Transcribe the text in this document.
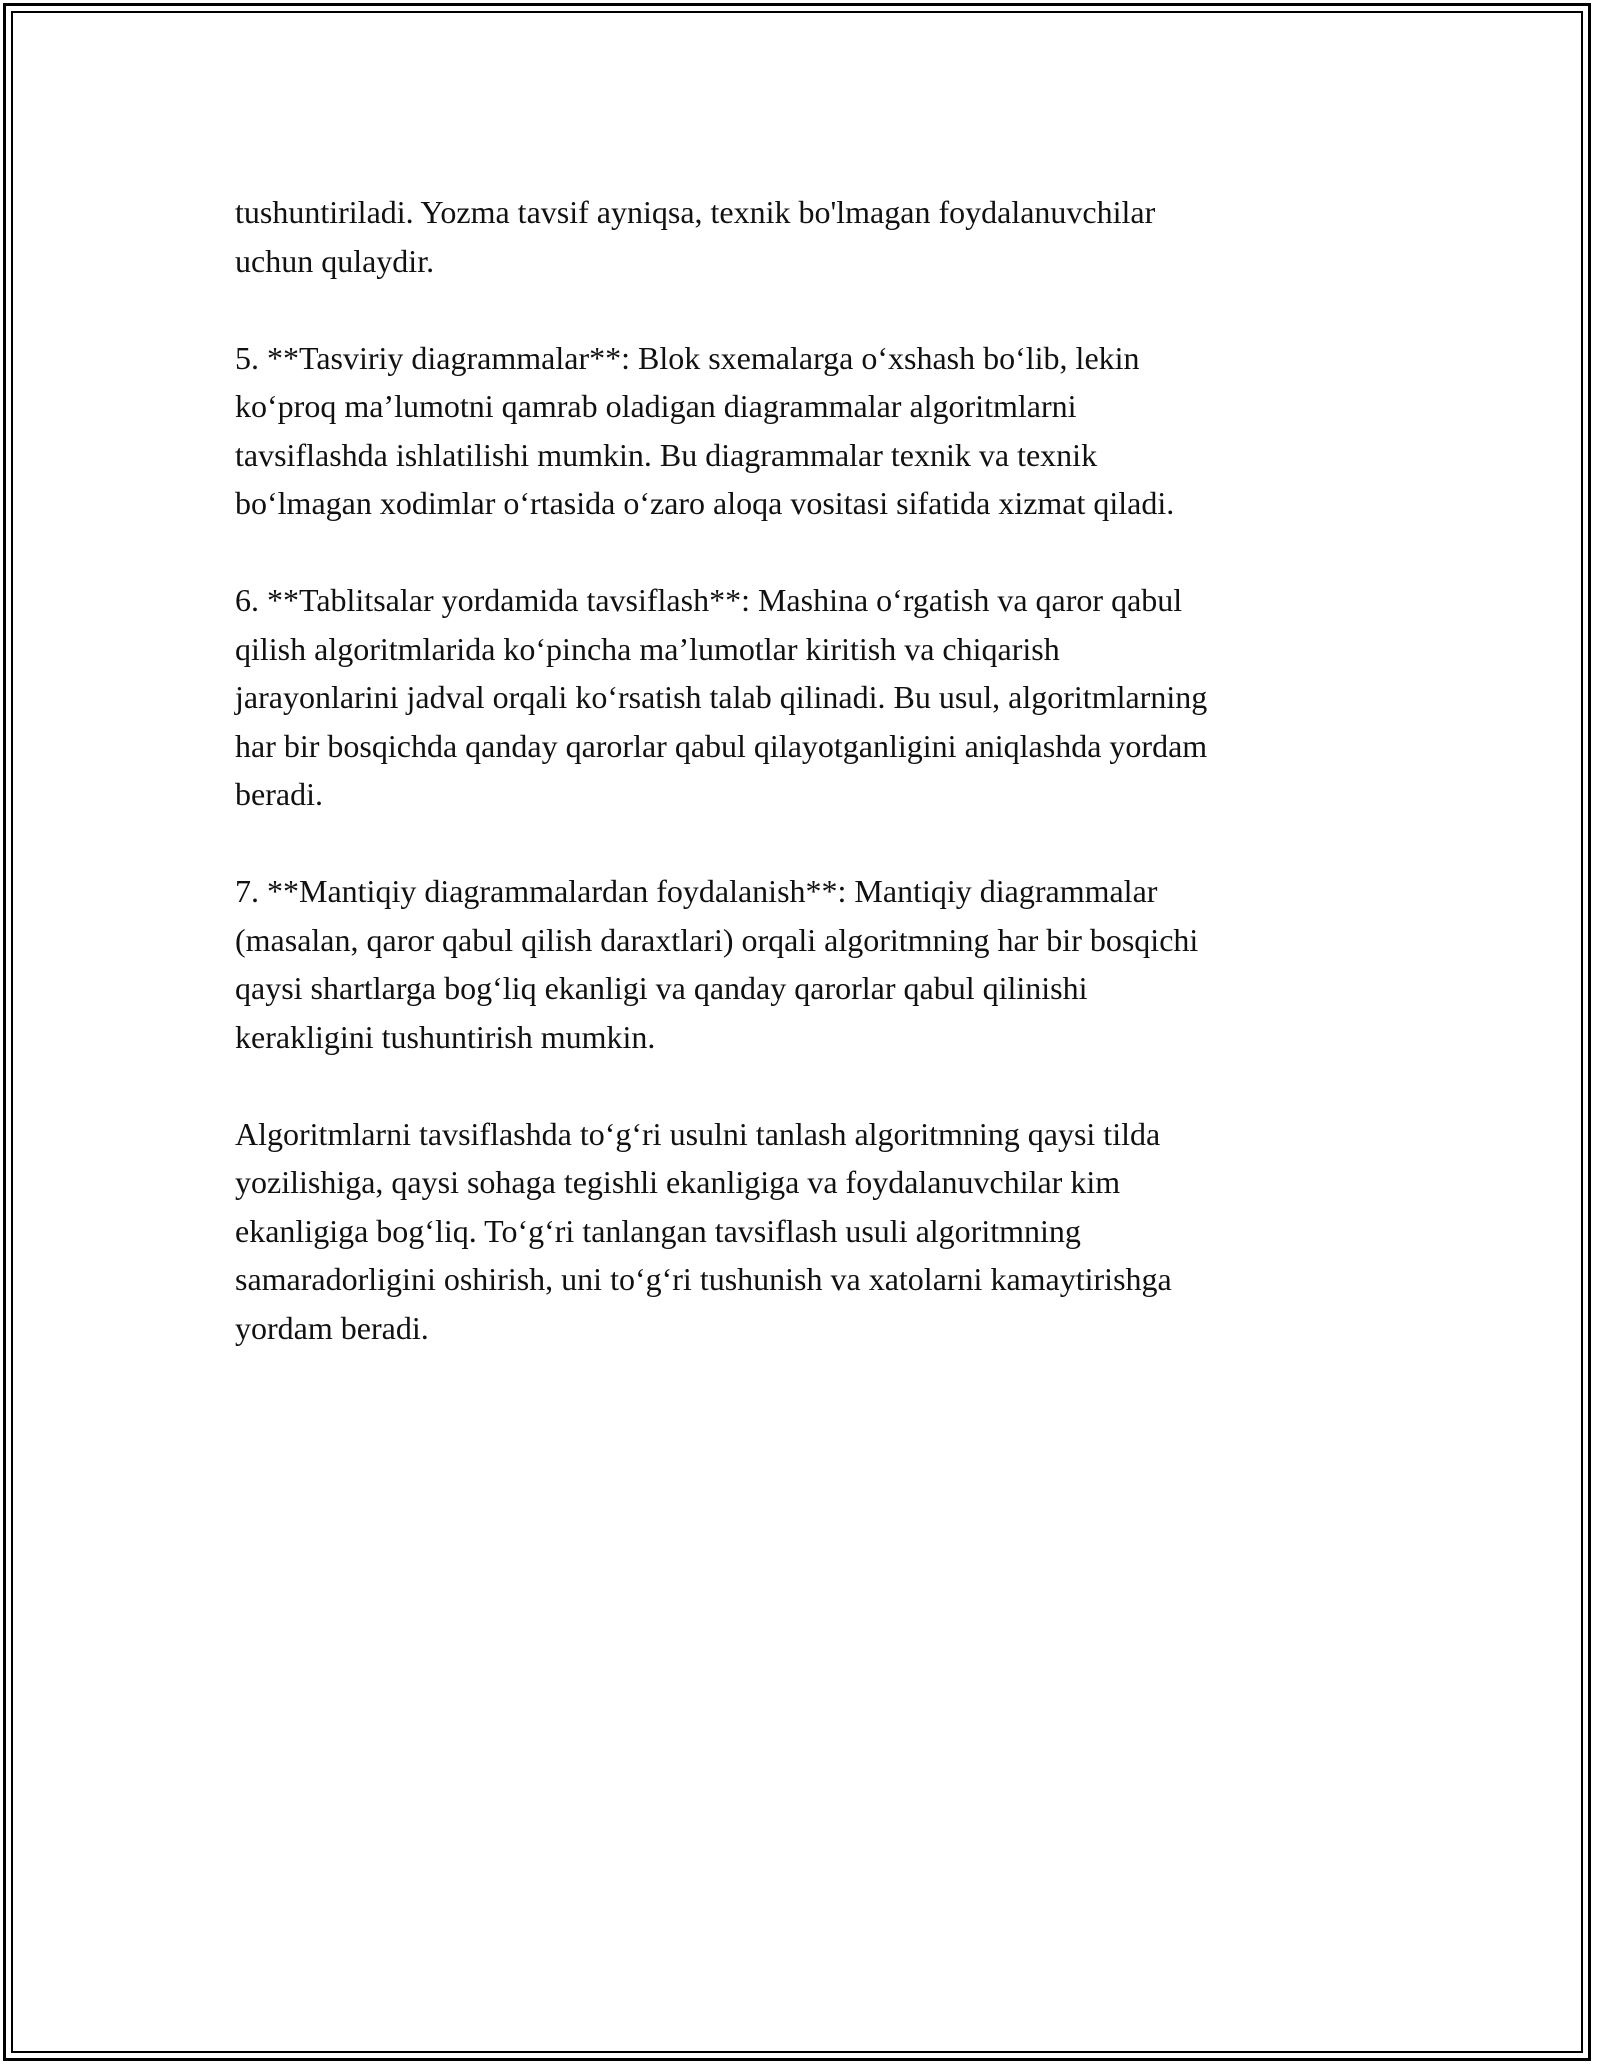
tushuntiriladi. Yozma tavsif ayniqsa, texnik bo'lmagan foydalanuvchilar
uchun qulaydir.

5. **Tasviriy diagrammalar**: Blok sxemalarga o‘xshash bo‘lib, lekin
ko‘proq ma’lumotni qamrab oladigan diagrammalar algoritmlarni
tavsiflashda ishlatilishi mumkin. Bu diagrammalar texnik va texnik
bo‘lmagan xodimlar o‘rtasida o‘zaro aloqa vositasi sifatida xizmat qiladi.

6. **Tablitsalar yordamida tavsiflash**: Mashina o‘rgatish va qaror qabul
qilish algoritmlarida ko‘pincha ma’lumotlar kiritish va chiqarish
jarayonlarini jadval orqali ko‘rsatish talab qilinadi. Bu usul, algoritmlarning
har bir bosqichda qanday qarorlar qabul qilayotganligini aniqlashda yordam
beradi.

7. **Mantiqiy diagrammalardan foydalanish**: Mantiqiy diagrammalar
(masalan, qaror qabul qilish daraxtlari) orqali algoritmning har bir bosqichi
qaysi shartlarga bog‘liq ekanligi va qanday qarorlar qabul qilinishi
kerakligini tushuntirish mumkin.

Algoritmlarni tavsiflashda to‘g‘ri usulni tanlash algoritmning qaysi tilda
yozilishiga, qaysi sohaga tegishli ekanligiga va foydalanuvchilar kim
ekanligiga bog‘liq. To‘g‘ri tanlangan tavsiflash usuli algoritmning
samaradorligini oshirish, uni to‘g‘ri tushunish va xatolarni kamaytirishga
yordam beradi.
